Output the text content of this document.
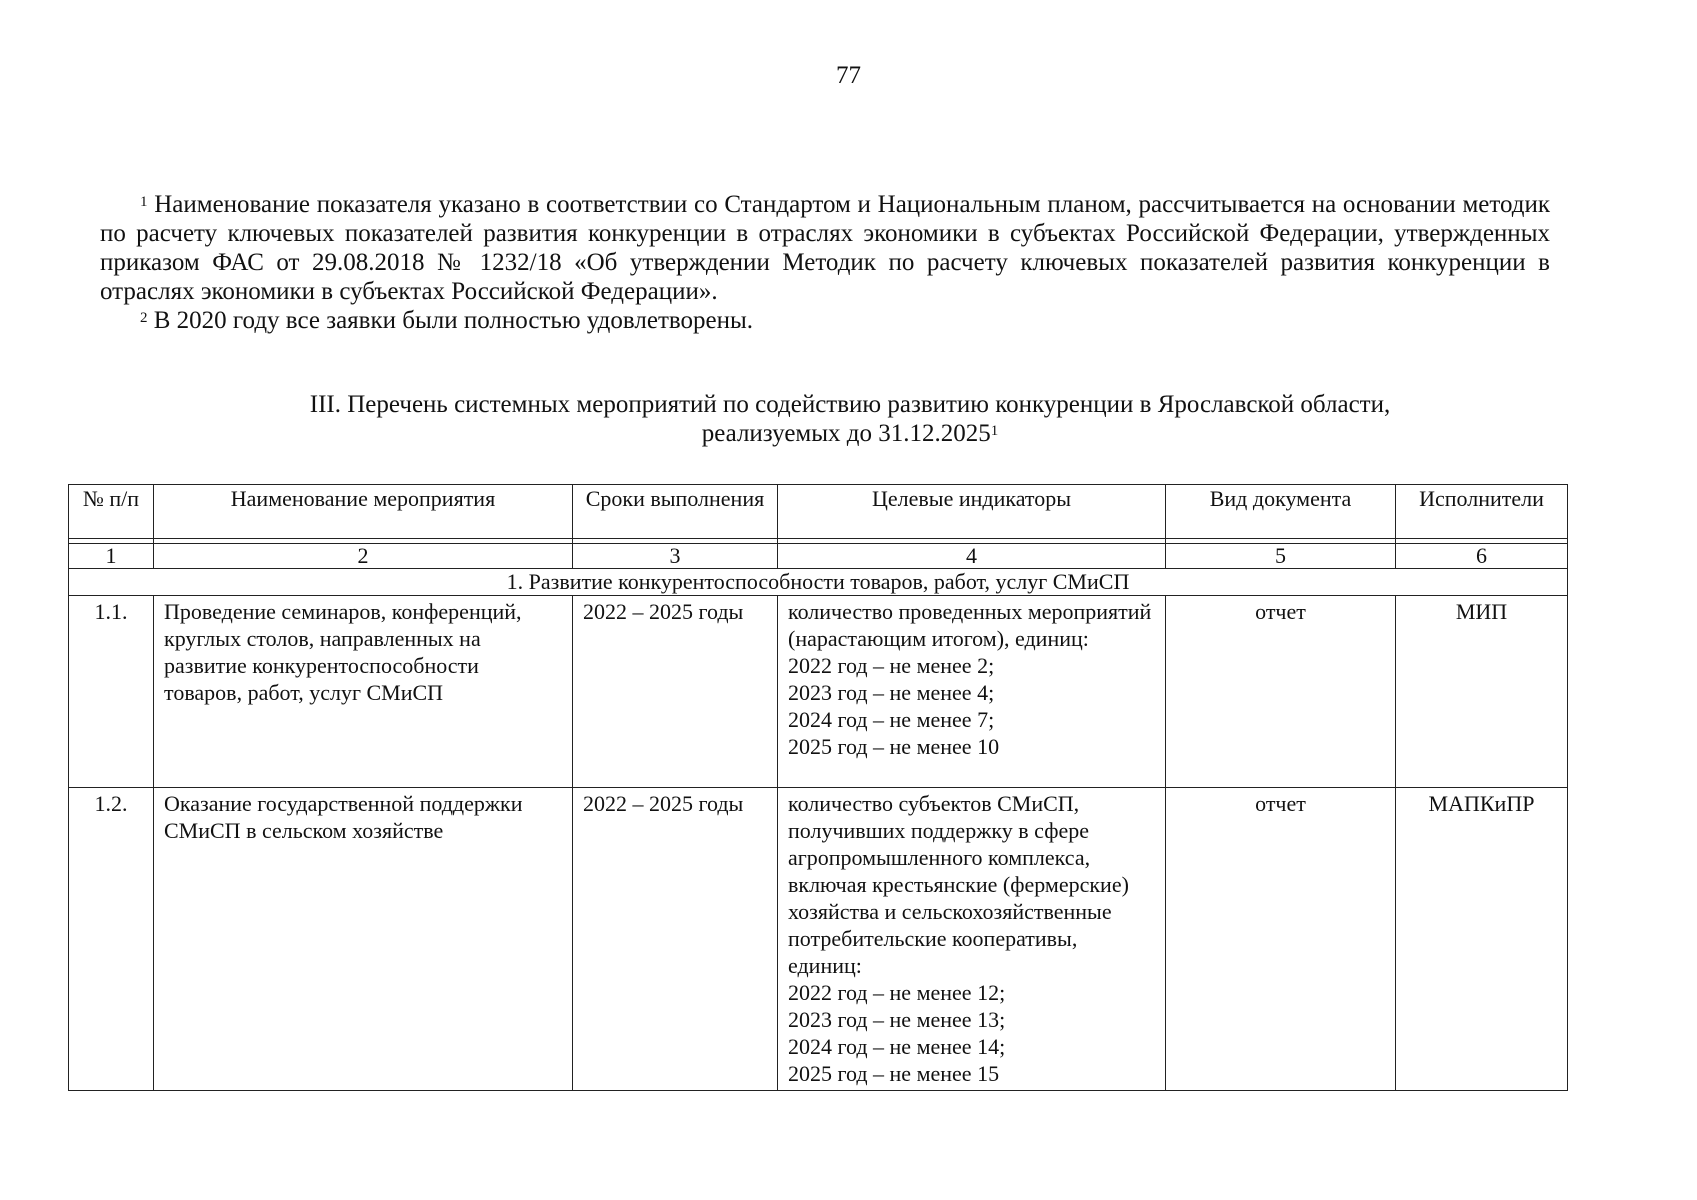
77

$^1$ Наименование показателя указано в соответствии со Стандартом и Национальным планом, рассчитывается на основании методик по расчету ключевых показателей развития конкуренции в отраслях экономики в субъектах Российской Федерации, утвержденных приказом ФАС от 29.08.2018 № 1232/18 «Об утверждении Методик по расчету ключевых показателей развития конкуренции в отраслях экономики в субъектах Российской Федерации».

$^2$ В 2020 году все заявки были полностью удовлетворены.

III. Перечень системных мероприятий по содействию развитию конкуренции в Ярославской области,
реализуемых до 31.12.2025$^1$
№ п/п	Наименование мероприятия	Сроки выполнения	Целевые индикаторы	Вид документа	Исполнители

1	2	3	4	5	6
1. Развитие конкурентоспособности товаров, работ, услуг СМиСП					
1.1.	Проведение семинаров, конференций, круглых столов, направленных на развитие конкурентоспособности товаров, работ, услуг СМиСП	2022 – 2025 годы	количество проведенных мероприятий (нарастающим итогом), единиц:
2022 год – не менее 2;
2023 год – не менее 4;
2024 год – не менее 7;
2025 год – не менее 10	отчет	МИП
1.2.	Оказание государственной поддержки СМиСП в сельском хозяйстве	2022 – 2025 годы	количество субъектов СМиСП, получивших поддержку в сфере агропромышленного комплекса, включая крестьянские (фермерские) хозяйства и сельскохозяйственные потребительские кооперативы, единиц:
2022 год – не менее 12;
2023 год – не менее 13;
2024 год – не менее 14;
2025 год – не менее 15	отчет	МАПКиПР
